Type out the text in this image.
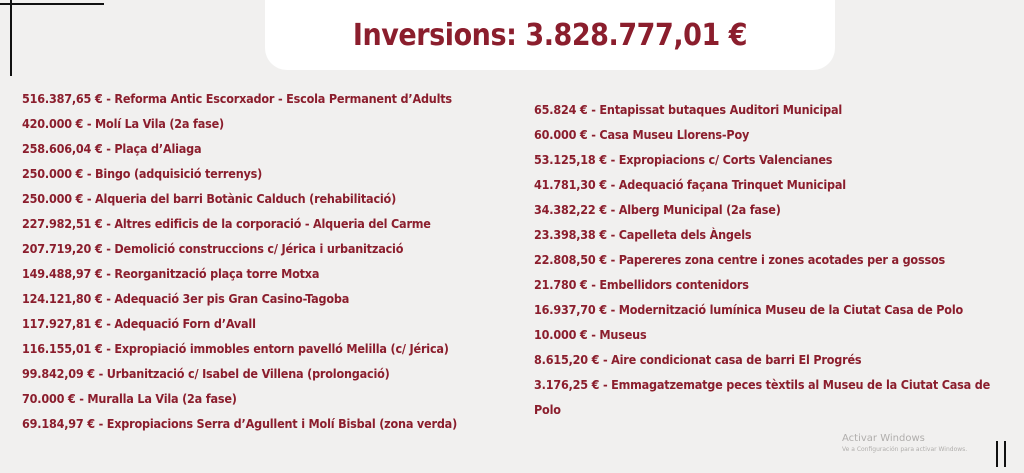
Inversions: 3.828.777,01 €
516.387,65 € - Reforma Antic Escorxador - Escola Permanent d’Adults
420.000 € - Molí La Vila (2a fase)
258.606,04 € - Plaça d’Aliaga
250.000 € - Bingo (adquisició terrenys)
250.000 € - Alqueria del barri Botànic Calduch (rehabilitació)
227.982,51 € - Altres edificis de la corporació - Alqueria del Carme
207.719,20 € - Demolició construccions c/ Jérica i urbanització
149.488,97 € - Reorganització plaça torre Motxa
124.121,80 € - Adequació 3er pis Gran Casino-Tagoba
117.927,81 € - Adequació Forn d’Avall
116.155,01 € - Expropiació immobles entorn pavelló Melilla (c/ Jérica)
99.842,09 € - Urbanització c/ Isabel de Villena (prolongació)
70.000 € - Muralla La Vila (2a fase)
69.184,97 € - Expropiacions Serra d’Agullent i Molí Bisbal (zona verda)
65.824 € - Entapissat butaques Auditori Municipal
60.000 € - Casa Museu Llorens-Poy
53.125,18 € - Expropiacions c/ Corts Valencianes
41.781,30 € - Adequació façana Trinquet Municipal
34.382,22 € - Alberg Municipal (2a fase)
23.398,38 € - Capelleta dels Àngels
22.808,50 € - Papereres zona centre i zones acotades per a gossos
21.780 € - Embellidors contenidors
16.937,70 € - Modernització lumínica Museu de la Ciutat Casa de Polo
10.000 € - Museus
8.615,20 € - Aire condicionat casa de barri El Progrés
3.176,25 € - Emmagatzematge peces tèxtils al Museu de la Ciutat Casa de Polo
Activar Windows
Ve a Configuración para activar Windows.
